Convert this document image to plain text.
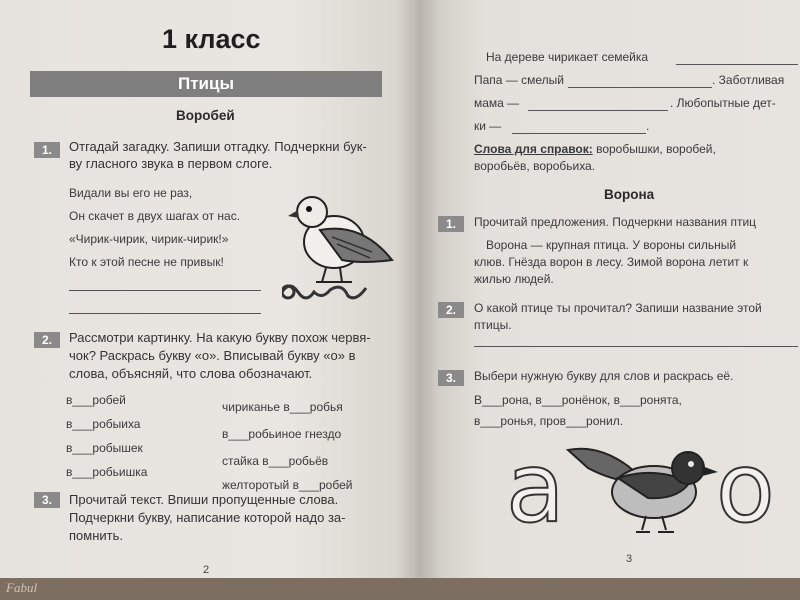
1 класс
Птицы
Воробей
1.	Отгадай загадку. Запиши отгадку. Подчеркни бук-
ву гласного звука в первом слоге.
Видали вы его не раз,
Он скачет в двух шагах от нас.
«Чирик-чирик, чирик-чирик!»
Кто к этой песне не привык!
2.	Рассмотри картинку. На какую букву похож червя-
чок? Раскрась букву «о». Вписывай букву «о» в
слова, объясняй, что слова обозначают.
в___робей
в___робыиха
в___робышек
в___робьишка
чириканье в___робья
в___робьиное гнездо
стайка в___робьёв
желторотый в___робей
3.	Прочитай текст. Впиши пропущенные слова.
Подчеркни букву, написание которой надо за-
помнить.
2
На дереве чирикает семейка
Папа — смелый	. Заботливая
мама —	. Любопытные дет-
ки —	.
Слова для справок: воробышки, воробей,
воробьёв, воробьиха.
Ворона
1.	Прочитай предложения. Подчеркни названия птиц
Ворона — крупная птица. У вороны сильный
клюв. Гнёзда ворон в лесу. Зимой ворона летит к
жилью людей.
2.	О какой птице ты прочитал? Запиши название этой
птицы.
3.	Выбери нужную букву для слов и раскрась её.
В___рона, в___ронёнок, в___ронята,
в___ронья, пров___ронил.
а о
3
Fabul
